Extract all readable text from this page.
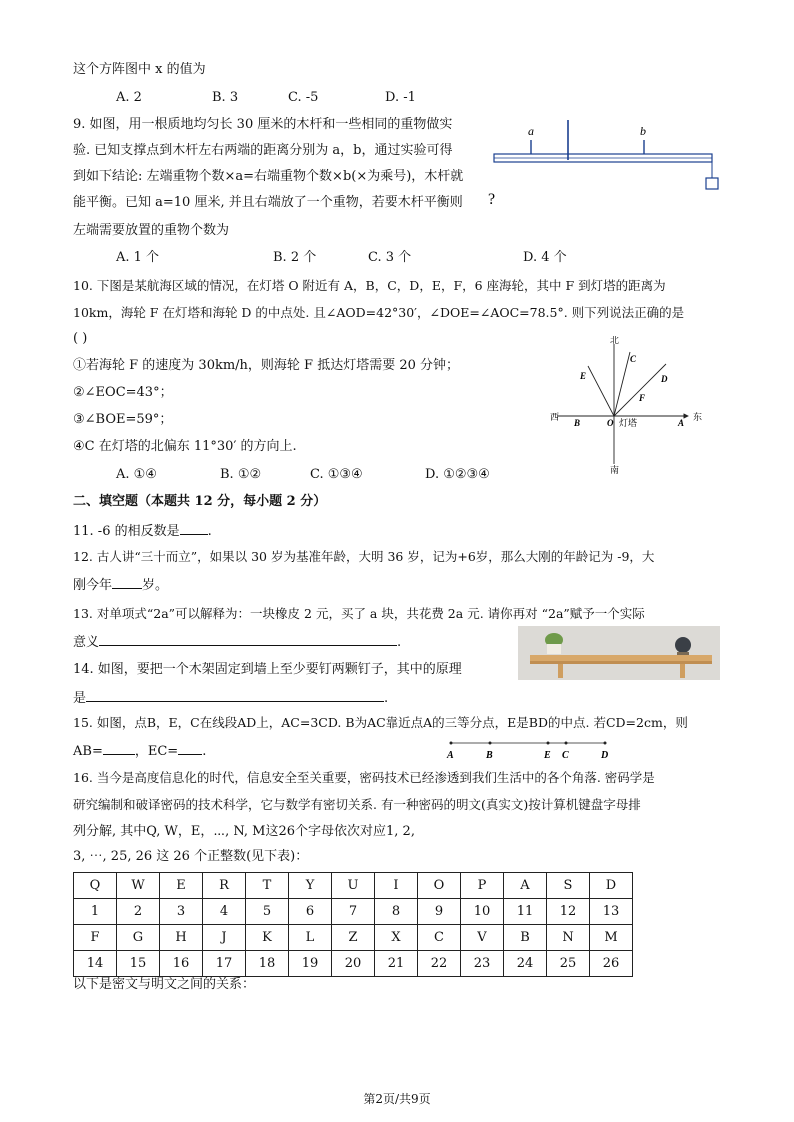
这个方阵图中 x 的值为
A. 2	B. 3	C. -5	D. -1
9. 如图，用一根质地均匀长 30 厘米的木杆和一些相同的重物做实
验. 已知支撑点到木杆左右两端的距离分别为 a，b，通过实验可得
到如下结论: 左端重物个数×a=右端重物个数×b(×为乘号)，木杆就
能平衡。已知 a=10 厘米, 并且右端放了一个重物，若要木杆平衡则
左端需要放置的重物个数为
a	b
?
A. 1 个	B. 2 个	C. 3 个	D. 4 个
10. 下图是某航海区域的情况，在灯塔 O 附近有 A，B，C，D，E，F，6 座海轮，其中 F 到灯塔的距离为
10km，海轮 F 在灯塔和海轮 D 的中点处. 且∠AOD=42°30′，∠DOE=∠AOC=78.5°. 则下列说法正确的是
( )
①若海轮 F 的速度为 30km/h，则海轮 F 抵达灯塔需要 20 分钟；
②∠EOC=43°；
③∠BOE=59°；
④C 在灯塔的北偏东 11°30′ 的方向上.
北
南
西	东
O 灯塔	A
B
C
D
E
F
A. ①④	B. ①②	C. ①③④	D. ①②③④
二、填空题（本题共 12 分，每小题 2 分）
11. -6 的相反数是 .
12. 古人讲“三十而立”，如果以 30 岁为基准年龄，大明 36 岁，记为+6岁，那么大刚的年龄记为 -9，大
刚今年 岁。
13. 对单项式“2a”可以解释为：一块橡皮 2 元，买了 a 块，共花费 2a 元. 请你再对 “2a”赋予一个实际
意义	.
14. 如图，要把一个木架固定到墙上至少要钉两颗钉子，其中的原理
是	.
15. 如图，点B，E，C在线段AD上，AC=3CD. B为AC靠近点A的三等分点，E是BD的中点. 若CD=2cm，则
AB= ，EC= .	A	B	E C	D
16. 当今是高度信息化的时代，信息安全至关重要，密码技术已经渗透到我们生活中的各个角落. 密码学是
研究编制和破译密码的技术科学，它与数学有密切关系. 有一种密码的明文(真实文)按计算机键盘字母排
列分解, 其中Q, W，E，⋯, N, M这26个字母依次对应1, 2,
3, ⋯, 25, 26 这 26 个正整数(见下表)：
Q	W	E	R	T	Y	U	I	O	P	A	S	D
1	2	3	4	5	6	7	8	9	10	11	12	13
F	G	H	J	K	L	Z	X	C	V	B	N	M
14	15	16	17	18	19	20	21	22	23	24	25	26
以下是密文与明文之间的关系：
第2页/共9页
